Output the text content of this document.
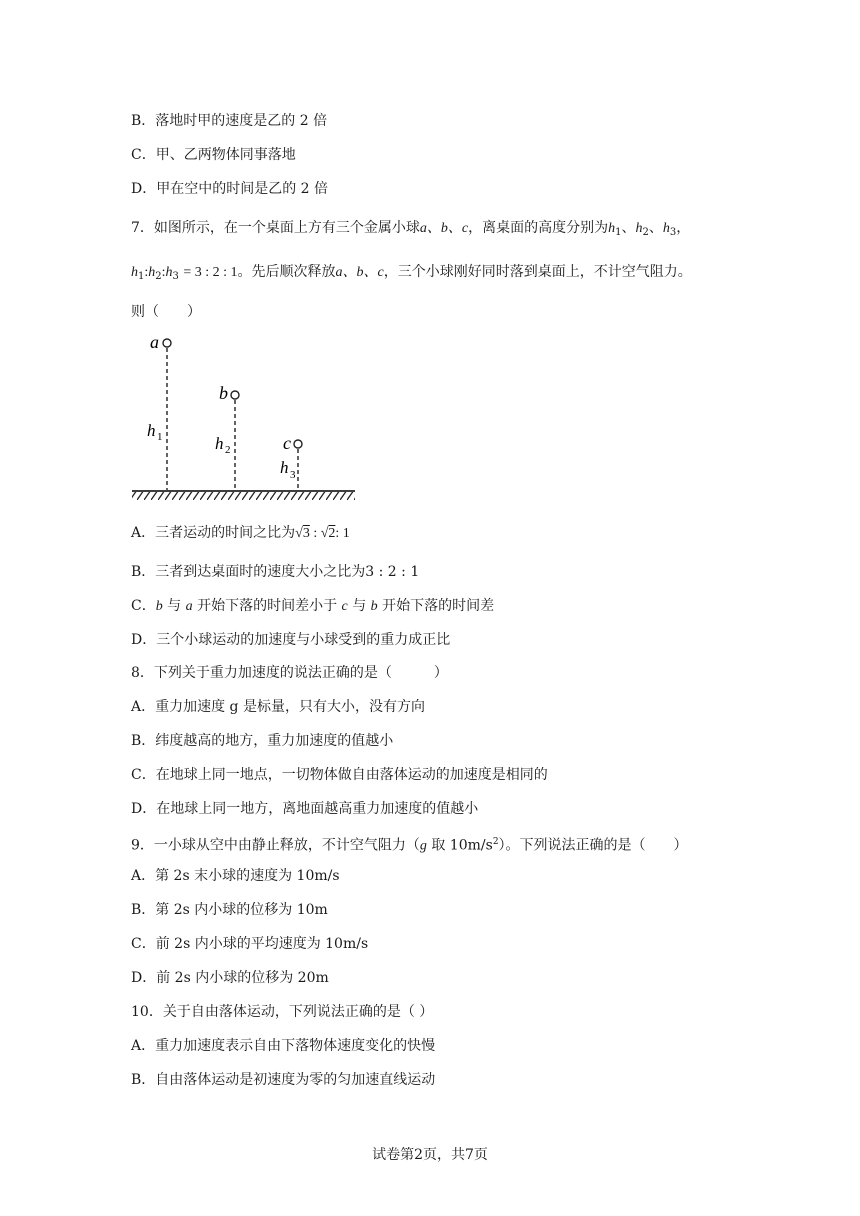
B．落地时甲的速度是乙的 2 倍
C．甲、乙两物体同事落地
D．甲在空中的时间是乙的 2 倍
7．如图所示，在一个桌面上方有三个金属小球a、b、c，离桌面的高度分别为$h_1$、$h_2$、$h_3$，
$h_1:h_2:h_3 = 3$ : 2 : 1。先后顺次释放a、b、c，三个小球刚好同时落到桌面上，不计空气阻力。
则（　　）
a
h 1
b
h 2	c
h 3
A．三者运动的时间之比为√3 : √2: 1
B．三者到达桌面时的速度大小之比为3 : 2 : 1
C．b 与 a 开始下落的时间差小于 c 与 b 开始下落的时间差
D．三个小球运动的加速度与小球受到的重力成正比
8．下列关于重力加速度的说法正确的是（　　　）
A．重力加速度 g 是标量，只有大小，没有方向
B．纬度越高的地方，重力加速度的值越小
C．在地球上同一地点，一切物体做自由落体运动的加速度是相同的
D．在地球上同一地方，离地面越高重力加速度的值越小
9．一小球从空中由静止释放，不计空气阻力（g 取 $10m/s^2$）。下列说法正确的是（　　）
A．第 2s 末小球的速度为 10m/s
B．第 2s 内小球的位移为 10m
C．前 2s 内小球的平均速度为 10m/s
D．前 2s 内小球的位移为 20m
10．关于自由落体运动，下列说法正确的是（ ）
A．重力加速度表示自由下落物体速度变化的快慢
B．自由落体运动是初速度为零的匀加速直线运动
试卷第2页，共7页
